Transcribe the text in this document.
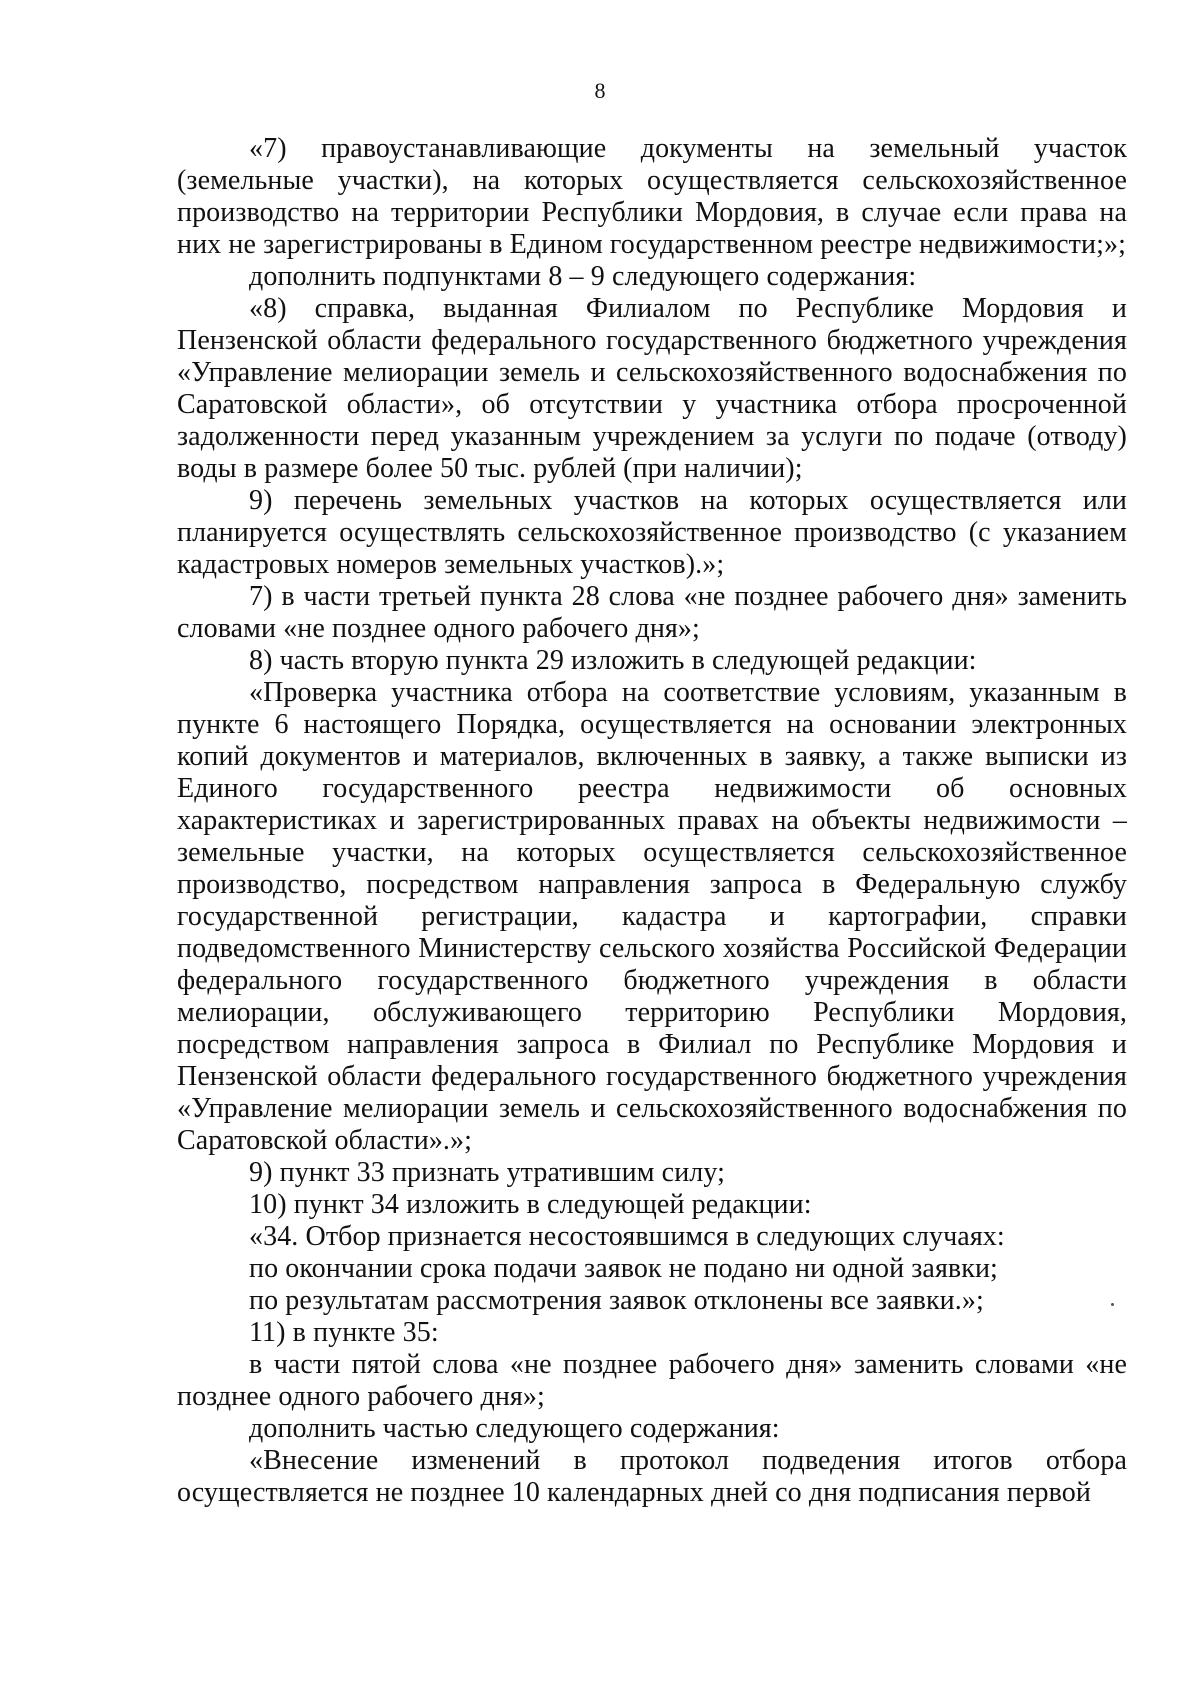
8

«7) правоустанавливающие документы на земельный участок (земельные участки), на которых осуществляется сельскохозяйственное производство на территории Республики Мордовия, в случае если права на них не зарегистрированы в Едином государственном реестре недвижимости;»;

дополнить подпунктами 8 – 9 следующего содержания:

«8) справка, выданная Филиалом по Республике Мордовия и Пензенской области федерального государственного бюджетного учреждения «Управление мелиорации земель и сельскохозяйственного водоснабжения по Саратовской области», об отсутствии у участника отбора просроченной задолженности перед указанным учреждением за услуги по подаче (отводу) воды в размере более 50 тыс. рублей (при наличии);

9) перечень земельных участков на которых осуществляется или планируется осуществлять сельскохозяйственное производство (с указанием кадастровых номеров земельных участков).»;

7) в части третьей пункта 28 слова «не позднее рабочего дня» заменить словами «не позднее одного рабочего дня»;

8) часть вторую пункта 29 изложить в следующей редакции:

«Проверка участника отбора на соответствие условиям, указанным в пункте 6 настоящего Порядка, осуществляется на основании электронных копий документов и материалов, включенных в заявку, а также выписки из Единого государственного реестра недвижимости об основных характеристиках и зарегистрированных правах на объекты недвижимости – земельные участки, на которых осуществляется сельскохозяйственное производство, посредством направления запроса в Федеральную службу государственной регистрации, кадастра и картографии, справки подведомственного Министерству сельского хозяйства Российской Федерации федерального государственного бюджетного учреждения в области мелиорации, обслуживающего территорию Республики Мордовия, посредством направления запроса в Филиал по Республике Мордовия и Пензенской области федерального государственного бюджетного учреждения «Управление мелиорации земель и сельскохозяйственного водоснабжения по Саратовской области».»;

9) пункт 33 признать утратившим силу;

10) пункт 34 изложить в следующей редакции:

«34. Отбор признается несостоявшимся в следующих случаях:

по окончании срока подачи заявок не подано ни одной заявки;

по результатам рассмотрения заявок отклонены все заявки.»;

11) в пункте 35:

в части пятой слова «не позднее рабочего дня» заменить словами «не позднее одного рабочего дня»;

дополнить частью следующего содержания:

«Внесение изменений в протокол подведения итогов отбора осуществляется не позднее 10 календарных дней со дня подписания первой
